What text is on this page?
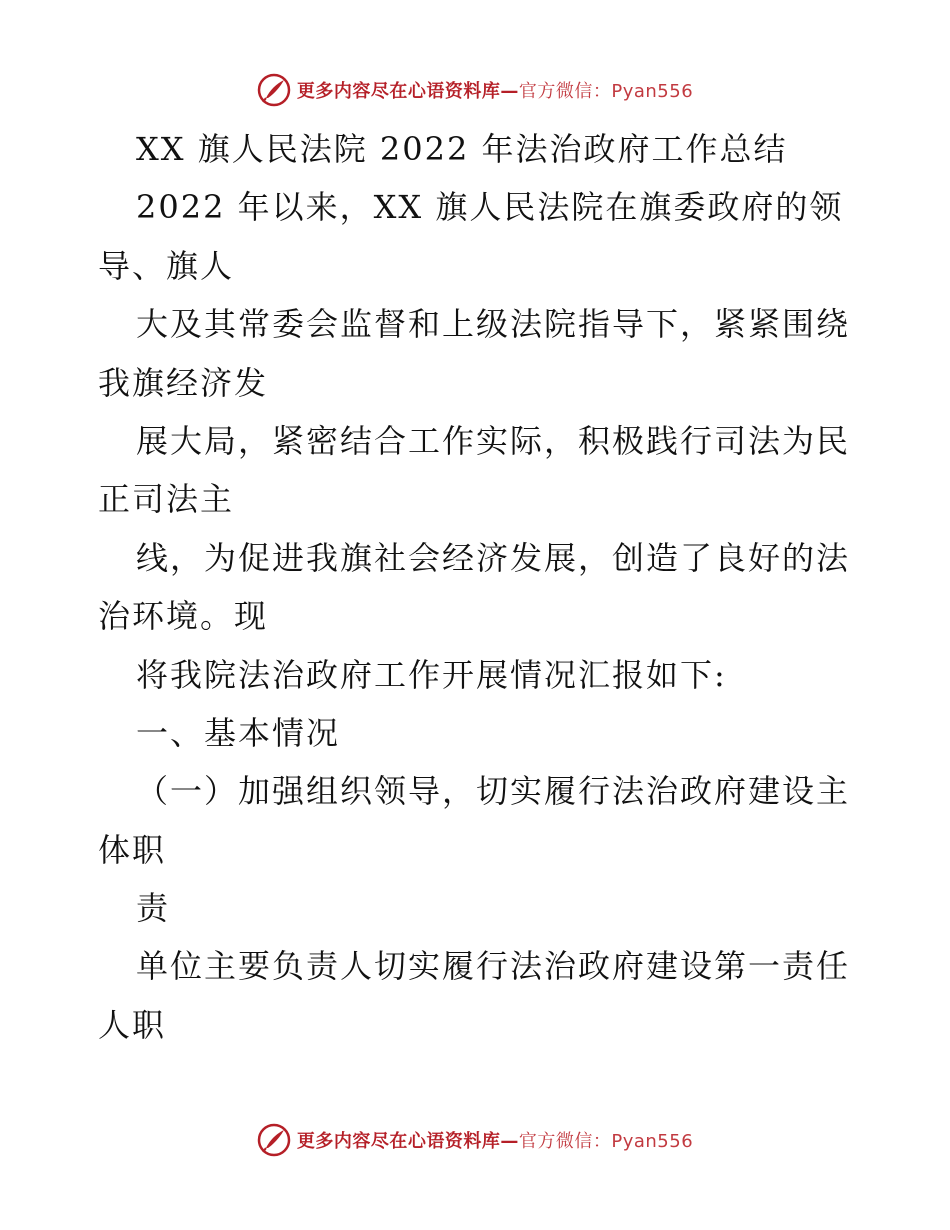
更多内容尽在心语资料库—官方微信：Pyan556
XX 旗人民法院 2022 年法治政府工作总结
2022 年以来，XX 旗人民法院在旗委政府的领
导、旗人
大及其常委会监督和上级法院指导下，紧紧围绕
我旗经济发
展大局，紧密结合工作实际，积极践行司法为民
正司法主
线，为促进我旗社会经济发展，创造了良好的法
治环境。现
将我院法治政府工作开展情况汇报如下:
一、基本情况
（一）加强组织领导，切实履行法治政府建设主
体职
责
单位主要负责人切实履行法治政府建设第一责任
人职
更多内容尽在心语资料库—官方微信：Pyan556
